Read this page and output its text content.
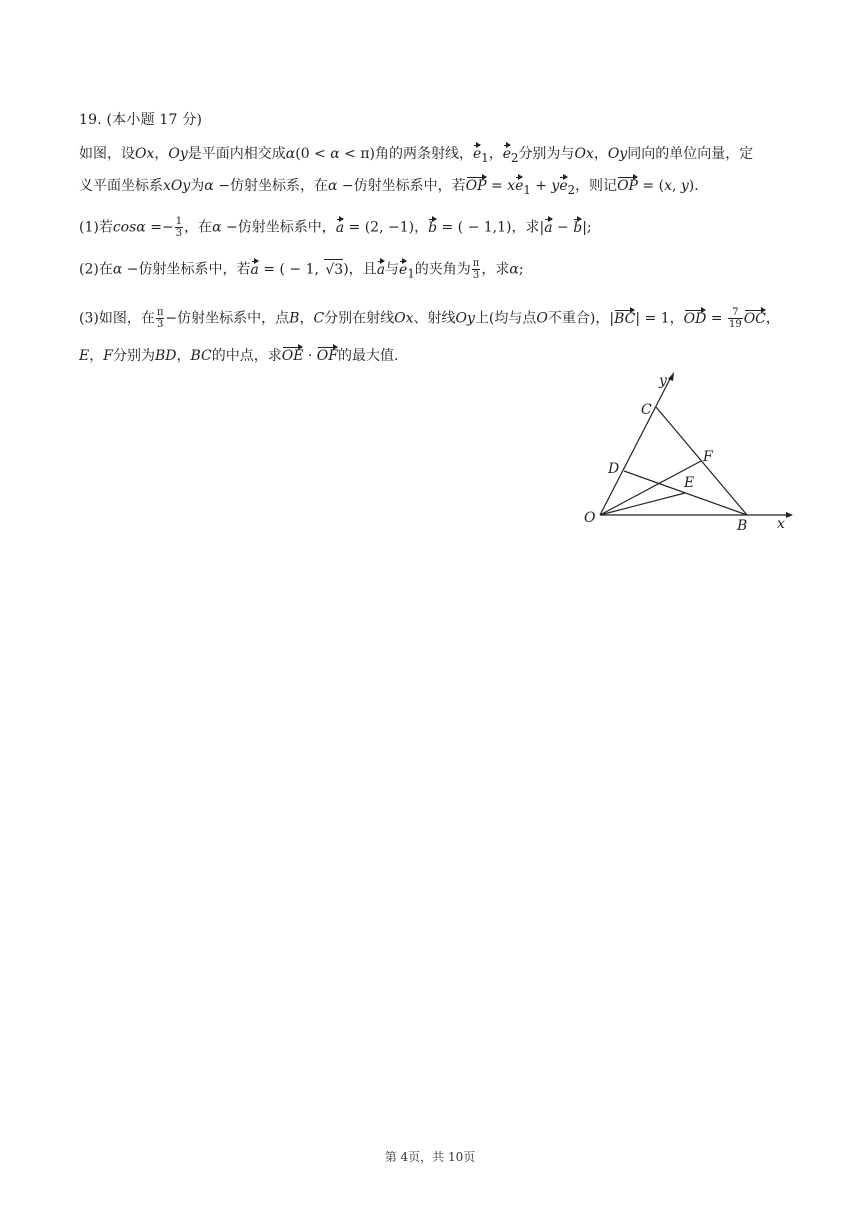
19. (本小题 17 分)
如图，设Ox，Oy是平面内相交成α(0 < α < π)角的两条射线，$e_1$，$e_2$分别为与Ox，Oy同向的单位向量，定
义平面坐标系xOy为α −仿射坐标系，在α −仿射坐标系中，若OP = $xe_1 + ye_2$，则记OP = (x, y).
(1)若$\cos\alpha =- \frac{1}{3}$ ，在α −仿射坐标系中，a = (2, −1)，b = ( − 1,1)，求|a − b|;
(2)在α −仿射坐标系中，若a = ( − 1, √3)，且a与$e_1$的夹角为 $\frac{\pi}{3}$ ，求α;
(3)如图，在 $\frac{\pi}{3}$ −仿射坐标系中，点B，C分别在射线Ox、射线Oy上(均与点O不重合)，|BC| = 1，OD = $\frac{7}{19}$ OC，
E，F分别为BD，BC的中点，求OE · OF的最大值.
O	B
C
D
E
F
x
y
第 4页，共 10页
